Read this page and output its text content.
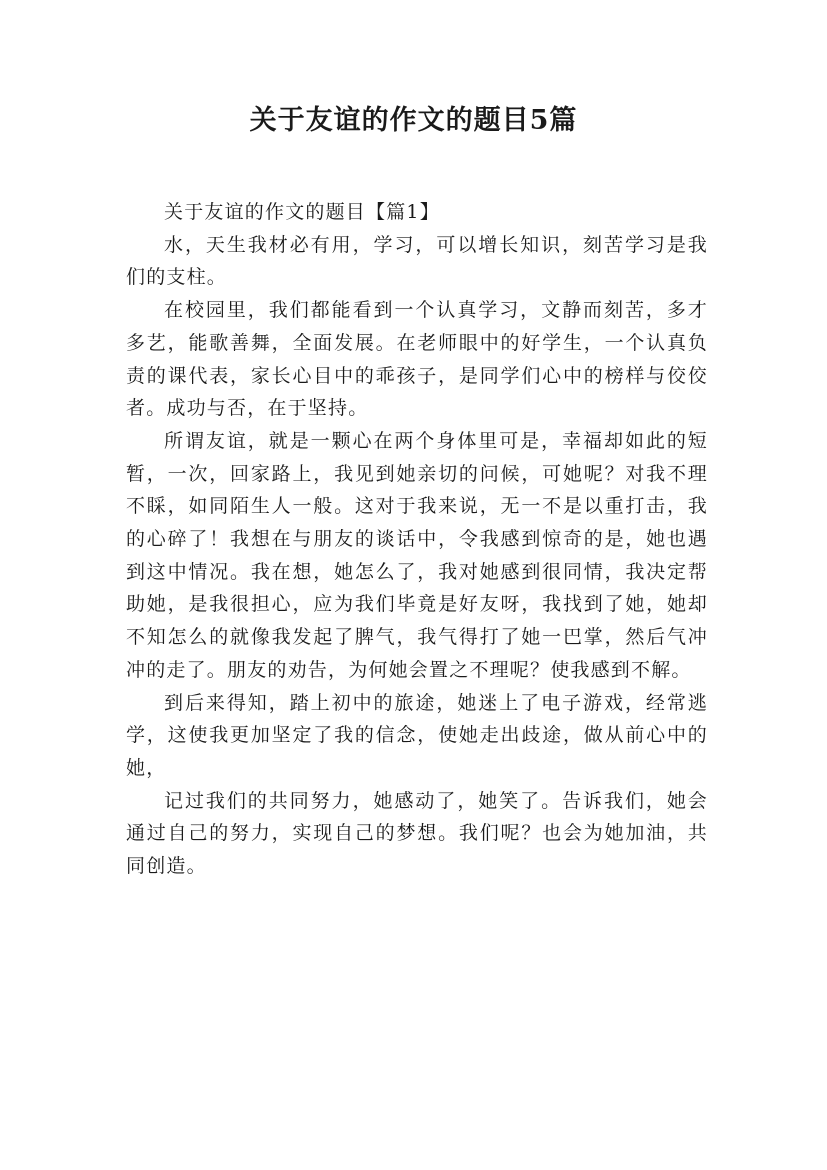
关于友谊的作文的题目5篇

关于友谊的作文的题目【篇1】

水，天生我材必有用，学习，可以增长知识，刻苦学习是我们的支柱。

在校园里，我们都能看到一个认真学习，文静而刻苦，多才多艺，能歌善舞，全面发展。在老师眼中的好学生，一个认真负责的课代表，家长心目中的乖孩子，是同学们心中的榜样与佼佼者。成功与否，在于坚持。

所谓友谊，就是一颗心在两个身体里可是，幸福却如此的短暂，一次，回家路上，我见到她亲切的问候，可她呢？对我不理不睬，如同陌生人一般。这对于我来说，无一不是以重打击，我的心碎了！我想在与朋友的谈话中，令我感到惊奇的是，她也遇到这中情况。我在想，她怎么了，我对她感到很同情，我决定帮助她，是我很担心，应为我们毕竟是好友呀，我找到了她，她却不知怎么的就像我发起了脾气，我气得打了她一巴掌，然后气冲冲的走了。朋友的劝告，为何她会置之不理呢？使我感到不解。

到后来得知，踏上初中的旅途，她迷上了电子游戏，经常逃学，这使我更加坚定了我的信念，使她走出歧途，做从前心中的她，

记过我们的共同努力，她感动了，她笑了。告诉我们，她会通过自己的努力，实现自己的梦想。我们呢？也会为她加油，共同创造。
